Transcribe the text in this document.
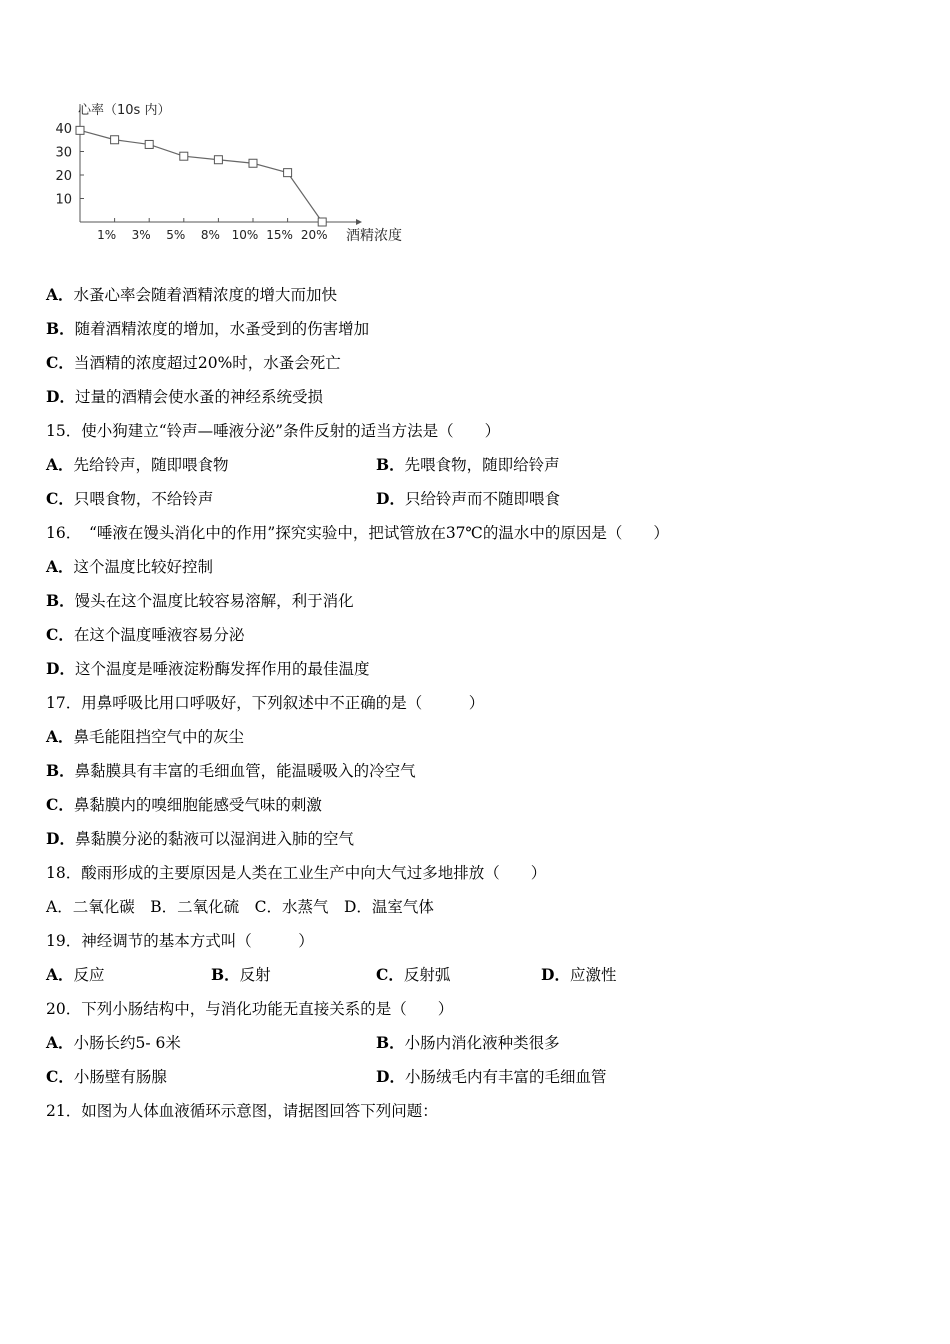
心率（10s 内）
40
30
20
10
1% 3% 5% 8% 10% 15% 20% 酒精浓度
A．水蚤心率会随着酒精浓度的增大而加快
B．随着酒精浓度的增加，水蚤受到的伤害增加
C．当酒精的浓度超过20%时，水蚤会死亡
D．过量的酒精会使水蚤的神经系统受损
15．使小狗建立“铃声—唾液分泌”条件反射的适当方法是（　　）
A．先给铃声，随即喂食物	B．先喂食物，随即给铃声
C．只喂食物，不给铃声	D．只给铃声而不随即喂食
16．　“唾液在馒头消化中的作用”探究实验中，把试管放在37℃的温水中的原因是（　　）
A．这个温度比较好控制
B．馒头在这个温度比较容易溶解，利于消化
C．在这个温度唾液容易分泌
D．这个温度是唾液淀粉酶发挥作用的最佳温度
17．用鼻呼吸比用口呼吸好，下列叙述中不正确的是（　　　）
A．鼻毛能阻挡空气中的灰尘
B．鼻黏膜具有丰富的毛细血管，能温暖吸入的冷空气
C．鼻黏膜内的嗅细胞能感受气味的刺激
D．鼻黏膜分泌的黏液可以湿润进入肺的空气
18．酸雨形成的主要原因是人类在工业生产中向大气过多地排放（　　）
A．二氧化碳　B．二氧化硫　C．水蒸气　D．温室气体
19．神经调节的基本方式叫（　　　）
A．反应	B．反射	C．反射弧	D．应激性
20．下列小肠结构中，与消化功能无直接关系的是（　　）
A．小肠长约5- 6米	B．小肠内消化液种类很多
C．小肠壁有肠腺	D．小肠绒毛内有丰富的毛细血管
21．如图为人体血液循环示意图，请据图回答下列问题：
